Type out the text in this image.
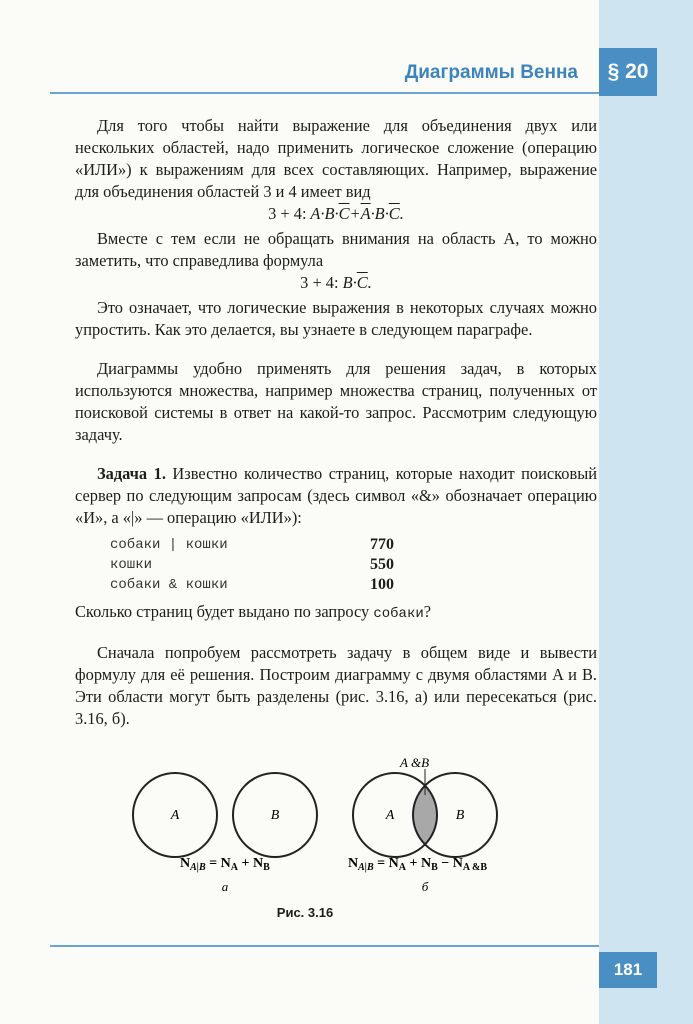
Диаграммы Венна	§ 20

Для того чтобы найти выражение для объединения двух или нескольких областей, надо применить логическое сложение (операцию «ИЛИ») к выражениям для всех составляющих. Например, выражение для объединения областей 3 и 4 имеет вид

3 + 4: $A\cdot B\cdot\overline{C}+\overline{A}\cdot B\cdot\overline{C}$.

Вместе с тем если не обращать внимания на область A, то можно заметить, что справедлива формула

3 + 4: $B\cdot\overline{C}$.

Это означает, что логические выражения в некоторых случаях можно упростить. Как это делается, вы узнаете в следующем параграфе.

Диаграммы удобно применять для решения задач, в которых используются множества, например множества страниц, полученных от поисковой системы в ответ на какой-то запрос. Рассмотрим следующую задачу.

Задача 1. Известно количество страниц, которые находит поисковый сервер по следующим запросам (здесь символ «&» обозначает операцию «И», а «|» — операцию «ИЛИ»):

собаки | кошки	770
кошки	550
собаки & кошки	100

Сколько страниц будет выдано по запросу собаки?

Сначала попробуем рассмотреть задачу в общем виде и вывести формулу для её решения. Построим диаграмму с двумя областями A и B. Эти области могут быть разделены (рис. 3.16, а) или пересекаться (рис. 3.16, б).

A	B	A	B
A &B
$N_{A|B} = N_A + N_B$	$N_{A|B} = N_A + N_B - N_{A \&B}$
a	б
Рис. 3.16
181
